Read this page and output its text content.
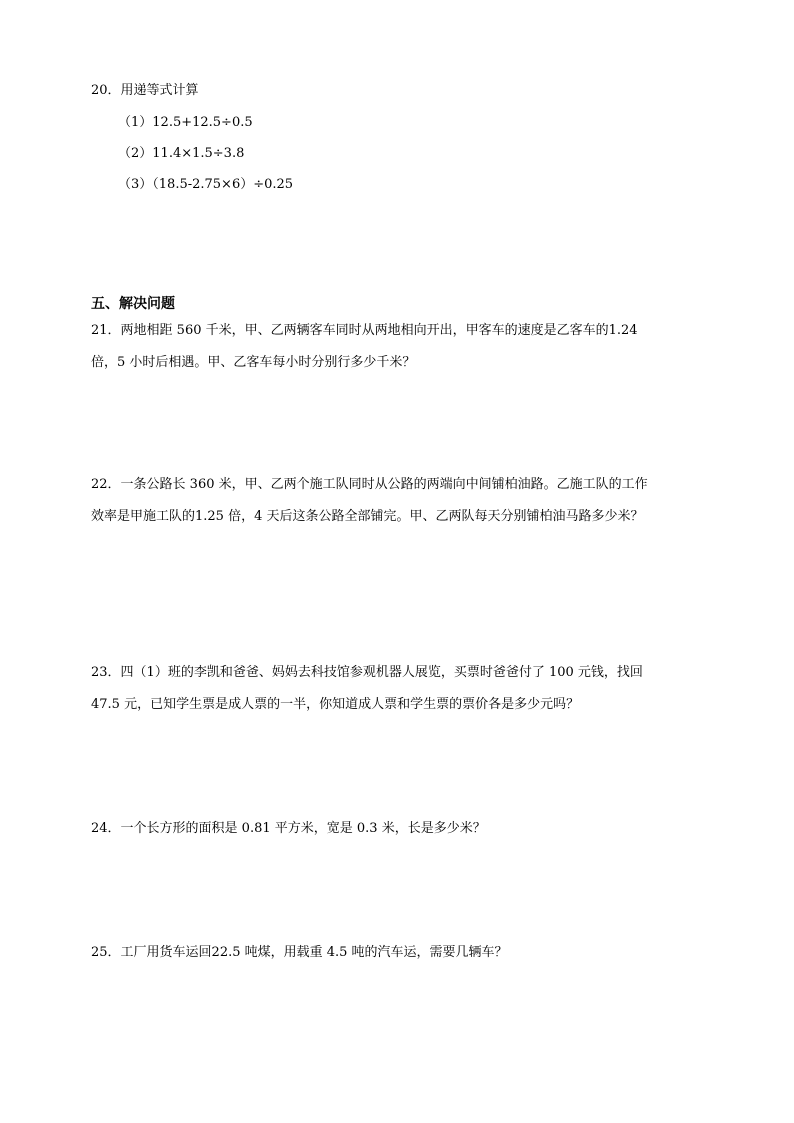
20．用递等式计算
（1）12.5+12.5÷0.5
（2）11.4×1.5÷3.8
（3）（18.5-2.75×6）÷0.25
五、解决问题
21．两地相距 560 千米，甲、乙两辆客车同时从两地相向开出，甲客车的速度是乙客车的1.24
倍，5 小时后相遇。甲、乙客车每小时分别行多少千米？
22．一条公路长 360 米，甲、乙两个施工队同时从公路的两端向中间铺柏油路。乙施工队的工作
效率是甲施工队的1.25 倍，4 天后这条公路全部铺完。甲、乙两队每天分别铺柏油马路多少米？
23．四（1）班的李凯和爸爸、妈妈去科技馆参观机器人展览，买票时爸爸付了 100 元钱，找回
47.5 元，已知学生票是成人票的一半，你知道成人票和学生票的票价各是多少元吗？
24．一个长方形的面积是 0.81 平方米，宽是 0.3 米，长是多少米？
25．工厂用货车运回22.5 吨煤，用载重 4.5 吨的汽车运，需要几辆车？
